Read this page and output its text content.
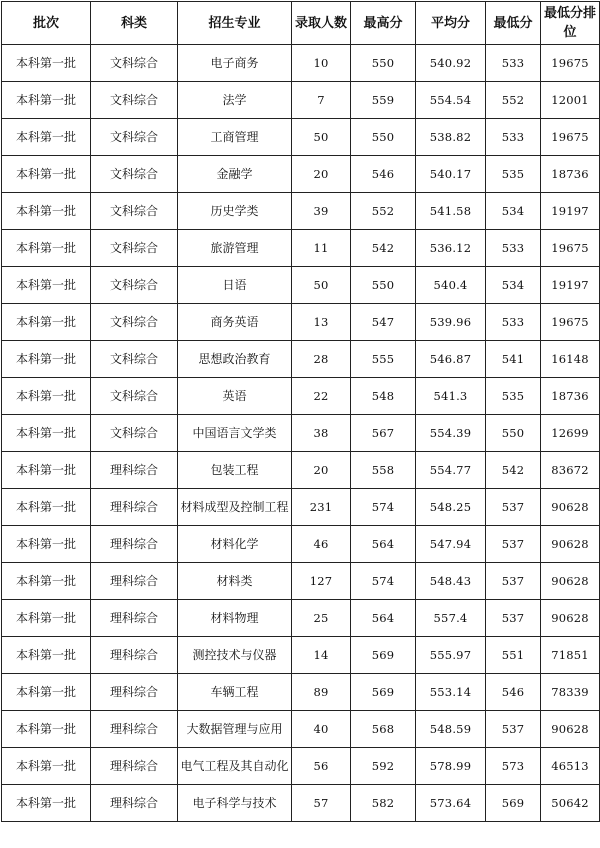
批次	科类	招生专业	录取人数	最高分	平均分	最低分	最低分排位
本科第一批	文科综合	电子商务	10	550	540.92	533	19675
本科第一批	文科综合	法学	7	559	554.54	552	12001
本科第一批	文科综合	工商管理	50	550	538.82	533	19675
本科第一批	文科综合	金融学	20	546	540.17	535	18736
本科第一批	文科综合	历史学类	39	552	541.58	534	19197
本科第一批	文科综合	旅游管理	11	542	536.12	533	19675
本科第一批	文科综合	日语	50	550	540.4	534	19197
本科第一批	文科综合	商务英语	13	547	539.96	533	19675
本科第一批	文科综合	思想政治教育	28	555	546.87	541	16148
本科第一批	文科综合	英语	22	548	541.3	535	18736
本科第一批	文科综合	中国语言文学类	38	567	554.39	550	12699
本科第一批	理科综合	包装工程	20	558	554.77	542	83672
本科第一批	理科综合	材料成型及控制工程	231	574	548.25	537	90628
本科第一批	理科综合	材料化学	46	564	547.94	537	90628
本科第一批	理科综合	材料类	127	574	548.43	537	90628
本科第一批	理科综合	材料物理	25	564	557.4	537	90628
本科第一批	理科综合	测控技术与仪器	14	569	555.97	551	71851
本科第一批	理科综合	车辆工程	89	569	553.14	546	78339
本科第一批	理科综合	大数据管理与应用	40	568	548.59	537	90628
本科第一批	理科综合	电气工程及其自动化	56	592	578.99	573	46513
本科第一批	理科综合	电子科学与技术	57	582	573.64	569	50642
